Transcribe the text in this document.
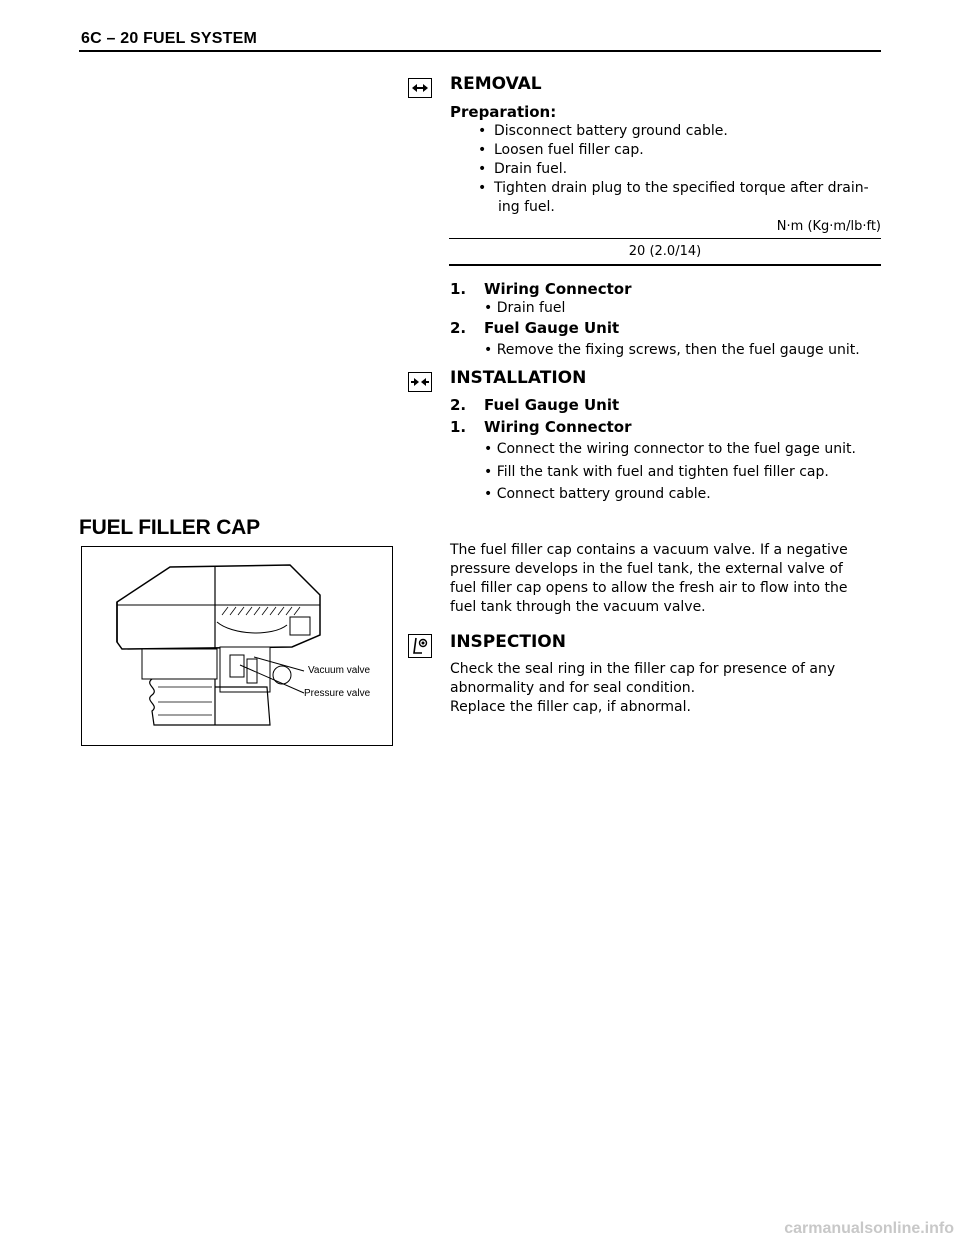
6C – 20 FUEL SYSTEM
REMOVAL
Preparation:
• Disconnect battery ground cable.
• Loosen fuel filler cap.
• Drain fuel.
• Tighten drain plug to the specified torque after drain-
ing fuel.
N·m (Kg·m/lb·ft)
20 (2.0/14)
1. Wiring Connector
• Drain fuel
2. Fuel Gauge Unit
• Remove the fixing screws, then the fuel gauge unit.
INSTALLATION
2. Fuel Gauge Unit
1. Wiring Connector
• Connect the wiring connector to the fuel gage unit.
• Fill the tank with fuel and tighten fuel filler cap.
• Connect battery ground cable.
FUEL FILLER CAP
Vacuum valve
Pressure valve
The fuel filler cap contains a vacuum valve. If a negative
pressure develops in the fuel tank, the external valve of
fuel filler cap opens to allow the fresh air to flow into the
fuel tank through the vacuum valve.
INSPECTION
Check the seal ring in the filler cap for presence of any
abnormality and for seal condition.
Replace the filler cap, if abnormal.
carmanualsonline.info
